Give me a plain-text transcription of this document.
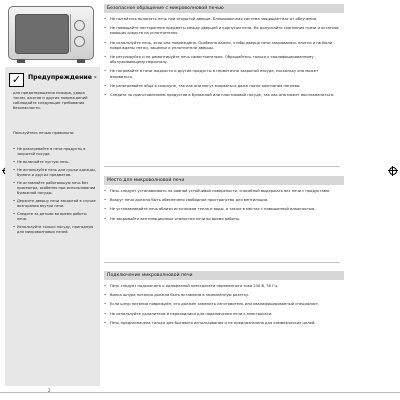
✓	Предупреждение -
для предотвращения пожара, удара током, ожогов и других повреждений соблюдайте следующие требования безопасности.
Пользуйтесь печью правильно:
• Не разогревайте в печи продукты в закрытой посуде.
• Не включайте пустую печь.
• Не используйте печь для сушки одежды, бумаги и других предметов.
• Не оставляйте работающую печь без присмотра, особенно при использовании бумажной посуды.
• Держите дверцу печи закрытой в случае возгорания внутри печи.
• Следите за детьми во время работы печи.
• Используйте только посуду, пригодную для микроволновых печей.
Безопасное обращение с микроволновой печью
• Не пытайтесь включать печь при открытой дверце. Блокировочная система защищает вас от облучения.
• Не помещайте посторонние предметы между дверцей и корпусом печи. Не допускайте скопления грязи и остатков моющих средств на уплотнителях.
• Не используйте печь, если она повреждена. Особенно важно, чтобы дверца печи закрывалась плотно и не были повреждены петли, защёлки и уплотнители дверцы.
• Не регулируйте и не ремонтируйте печь самостоятельно. Обращайтесь только к квалифицированному обслуживающему персоналу.
• Не нагревайте в печи жидкости и другие продукты в герметично закрытой посуде, поскольку она может взорваться.
• Не разогревайте яйца в скорлупе, так как они могут взорваться даже после окончания нагрева.
• Следите за приготовлением продуктов в бумажной или пластиковой посуде, так как она может воспламениться.
Место для микроволновой печи
• Печь следует устанавливать на ровной устойчивой поверхности, способной выдержать вес печи с продуктами.
• Вокруг печи должно быть обеспечено свободное пространство для вентиляции.
• Не устанавливайте печь вблизи источников тепла и воды, а также в местах с повышенной влажностью.
• Не закрывайте вентиляционные отверстия печи во время работы.
Подключение микроволновой печи
• Печь следует подключать к однофазной электросети переменного тока 230 В, 50 Гц.
• Вилка шнура питания должна быть вставлена в заземлённую розетку.
• Если шнур питания повреждён, его должен заменить изготовитель или квалифицированный специалист.
• Не используйте удлинители и переходники для подключения печи к электросети.
• Печь предназначена только для бытового использования и не предназначена для коммерческих целей.
2
